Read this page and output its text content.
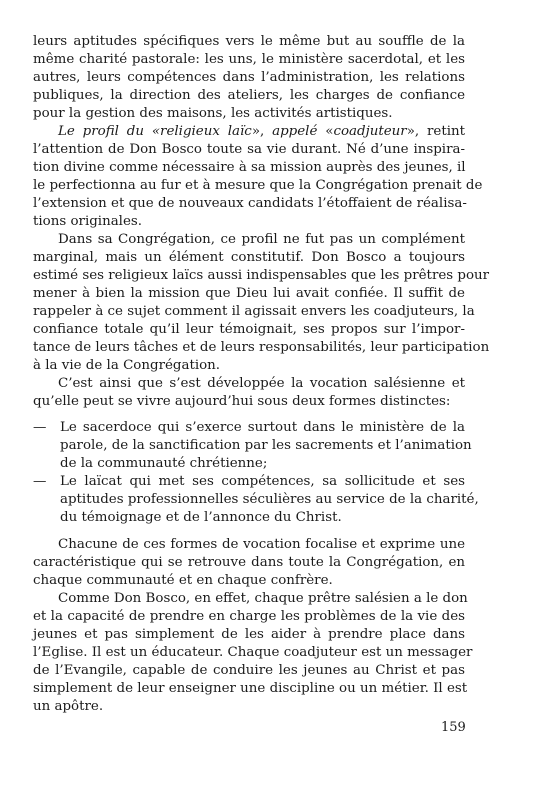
leurs aptitudes spécifiques vers le même but au souffle de la
même charité pastorale: les uns, le ministère sacerdotal, et les
autres, leurs compétences dans l’administration, les relations
publiques, la direction des ateliers, les charges de confiance
pour la gestion des maisons, les activités artistiques.
Le profil du «religieux laïc», appelé «coadjuteur», retint
l’attention de Don Bosco toute sa vie durant. Né d’une inspira-
tion divine comme nécessaire à sa mission auprès des jeunes, il
le perfectionna au fur et à mesure que la Congrégation prenait de
l’extension et que de nouveaux candidats l’étoffaient de réalisa-
tions originales.
Dans sa Congrégation, ce profil ne fut pas un complément
marginal, mais un élément constitutif. Don Bosco a toujours
estimé ses religieux laïcs aussi indispensables que les prêtres pour
mener à bien la mission que Dieu lui avait confiée. Il suffit de
rappeler à ce sujet comment il agissait envers les coadjuteurs, la
confiance totale qu’il leur témoignait, ses propos sur l’impor-
tance de leurs tâches et de leurs responsabilités, leur participation
à la vie de la Congrégation.
C’est ainsi que s’est développée la vocation salésienne et
qu’elle peut se vivre aujourd’hui sous deux formes distinctes:
— Le sacerdoce qui s’exerce surtout dans le ministère de la
parole, de la sanctification par les sacrements et l’animation
de la communauté chrétienne;
— Le laïcat qui met ses compétences, sa sollicitude et ses
aptitudes professionnelles séculières au service de la charité,
du témoignage et de l’annonce du Christ.
Chacune de ces formes de vocation focalise et exprime une
caractéristique qui se retrouve dans toute la Congrégation, en
chaque communauté et en chaque confrère.
Comme Don Bosco, en effet, chaque prêtre salésien a le don
et la capacité de prendre en charge les problèmes de la vie des
jeunes et pas simplement de les aider à prendre place dans
l’Eglise. Il est un éducateur. Chaque coadjuteur est un messager
de l’Evangile, capable de conduire les jeunes au Christ et pas
simplement de leur enseigner une discipline ou un métier. Il est
un apôtre.
159
